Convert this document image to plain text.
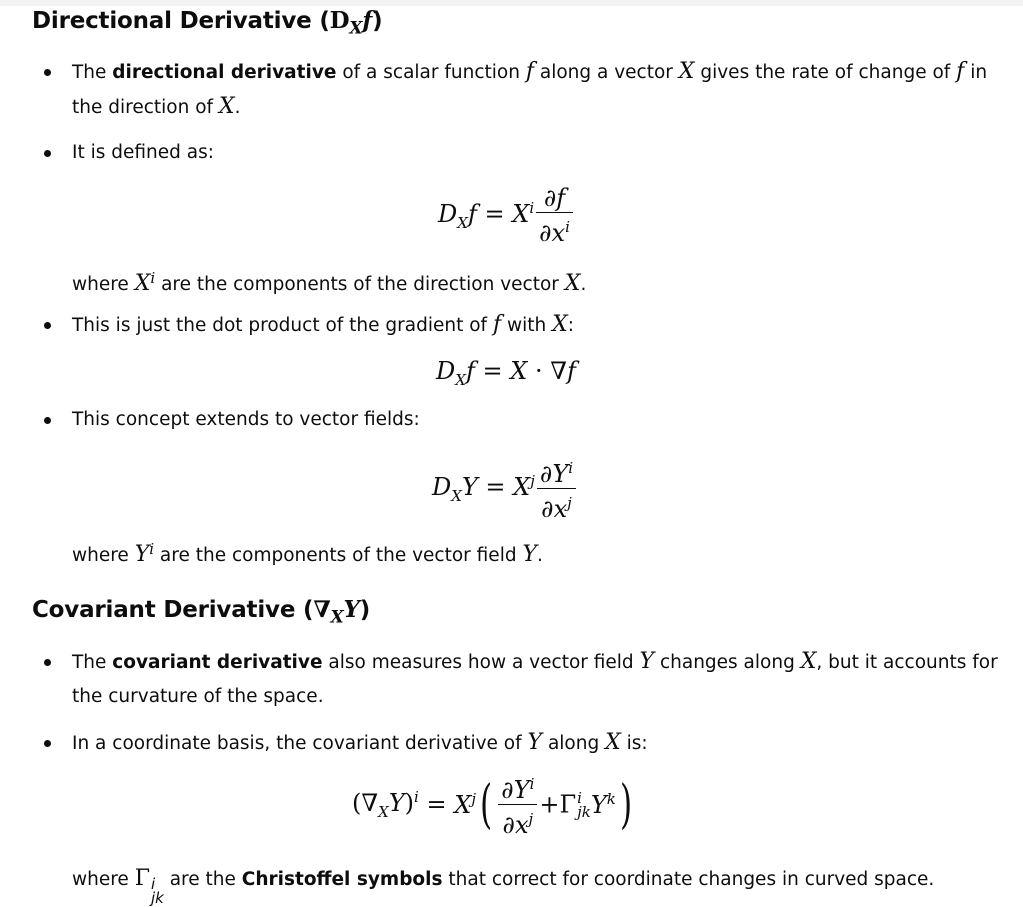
Directional Derivative $(D_Xf)$
The directional derivative of a scalar function f along a vector X gives the rate of change of f in
the direction of X.
It is defined as:
$D_Xf = X^i \frac{\partial f}{\partial x^i}$
where $X^i$ are the components of the direction vector X.
This is just the dot product of the gradient of f with X:
$D_Xf = X \cdot \nabla f$
This concept extends to vector fields:
$D_XY = X^j \frac{\partial Y^i}{\partial x^j}$
where $Y^i$ are the components of the vector field Y.
Covariant Derivative $(\nabla_XY)$
The covariant derivative also measures how a vector field Y changes along X, but it accounts for
the curvature of the space.
In a coordinate basis, the covariant derivative of Y along X is:
$(\nabla_XY)^i = X^j( \frac{\partial Y^i}{\partial x^j} +\Gamma$ i
jk $Y^k$)
where Γ i
jk
are the Christoffel symbols that correct for coordinate changes in curved space.
